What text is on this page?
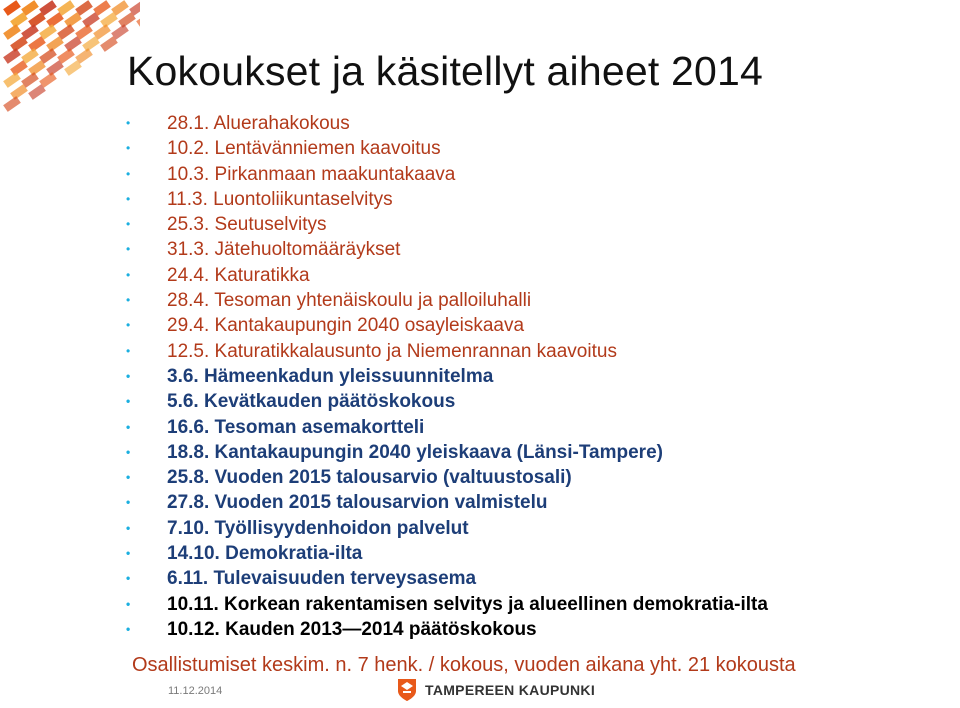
Kokoukset ja käsitellyt aiheet 2014
• 28.1. Aluerahakokous
• 10.2. Lentävänniemen kaavoitus
• 10.3. Pirkanmaan maakuntakaava
• 11.3. Luontoliikuntaselvitys
• 25.3. Seutuselvitys
• 31.3. Jätehuoltomääräykset
• 24.4. Katuratikka
• 28.4. Tesoman yhtenäiskoulu ja palloiluhalli
• 29.4. Kantakaupungin 2040 osayleiskaava
• 12.5. Katuratikkalausunto ja Niemenrannan kaavoitus
• 3.6. Hämeenkadun yleissuunnitelma
• 5.6. Kevätkauden päätöskokous
• 16.6. Tesoman asemakortteli
• 18.8. Kantakaupungin 2040 yleiskaava (Länsi-Tampere)
• 25.8. Vuoden 2015 talousarvio (valtuustosali)
• 27.8. Vuoden 2015 talousarvion valmistelu
• 7.10. Työllisyydenhoidon palvelut
• 14.10. Demokratia-ilta
• 6.11. Tulevaisuuden terveysasema
• 10.11. Korkean rakentamisen selvitys ja alueellinen demokratia-ilta
• 10.12. Kauden 2013—2014 päätöskokous
Osallistumiset keskim. n. 7 henk. / kokous, vuoden aikana yht. 21 kokousta
11.12.2014	TAMPEREEN KAUPUNKI
